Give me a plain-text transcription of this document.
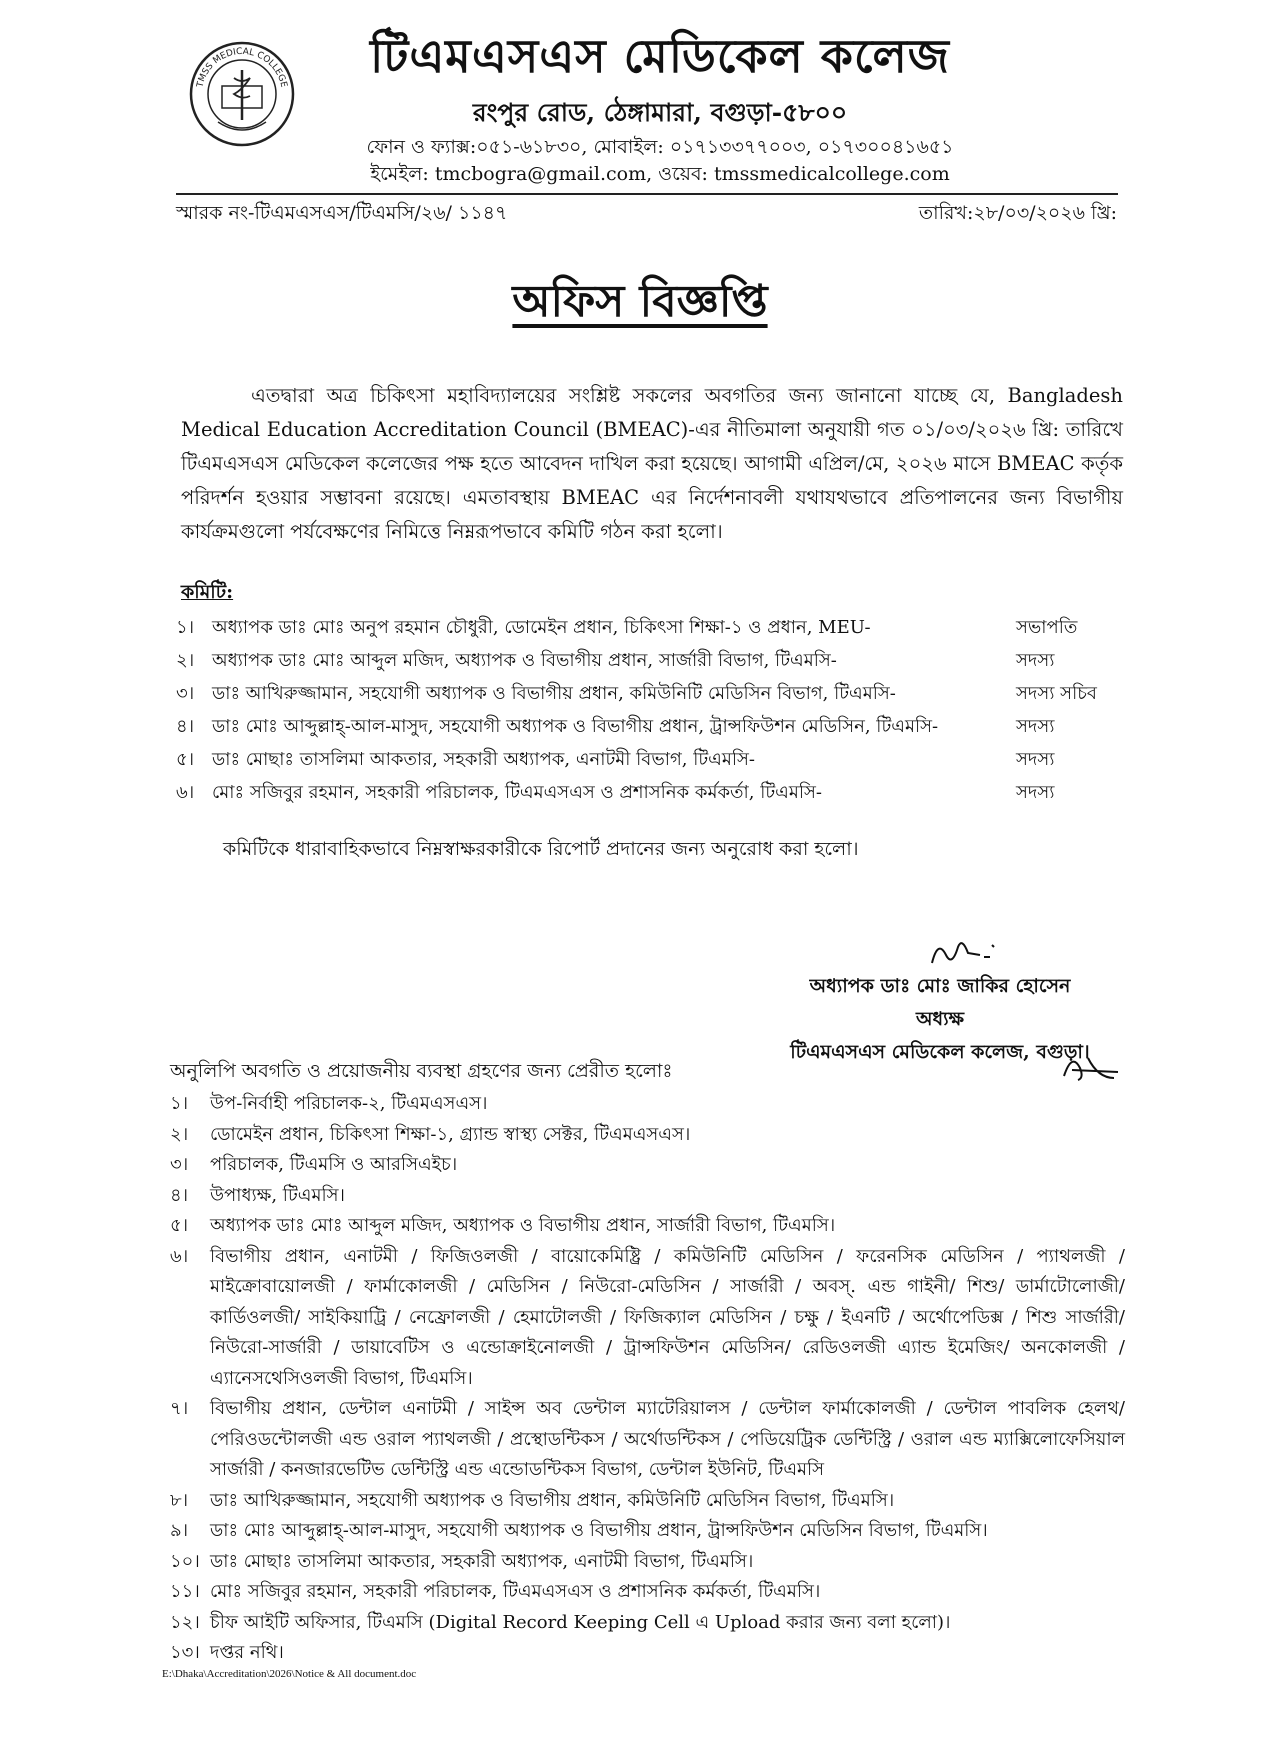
TMSS MEDICAL COLLEGE
টিএমএসএস মেডিকেল কলেজ
রংপুর রোড, ঠেঙ্গামারা, বগুড়া-৫৮০০
ফোন ও ফ্যাক্স:০৫১-৬১৮৩০, মোবাইল: ০১৭১৩৩৭৭০০৩, ০১৭৩০০৪১৬৫১
ইমেইল: tmcbogra@gmail.com, ওয়েব: tmssmedicalcollege.com
স্মারক নং-টিএমএসএস/টিএমসি/২৬/ ১১৪৭	তারিখ:২৮/০৩/২০২৬ খ্রি:
অফিস বিজ্ঞপ্তি
এতদ্বারা অত্র চিকিৎসা মহাবিদ্যালয়ের সংশ্লিষ্ট সকলের অবগতির জন্য জানানো যাচ্ছে যে, Bangladesh Medical Education Accreditation Council (BMEAC)-এর নীতিমালা অনুযায়ী গত ০১/০৩/২০২৬ খ্রি: তারিখে টিএমএসএস মেডিকেল কলেজের পক্ষ হতে আবেদন দাখিল করা হয়েছে। আগামী এপ্রিল/মে, ২০২৬ মাসে BMEAC কর্তৃক পরিদর্শন হওয়ার সম্ভাবনা রয়েছে। এমতাবস্থায় BMEAC এর নির্দেশনাবলী যথাযথভাবে প্রতিপালনের জন্য বিভাগীয় কার্যক্রমগুলো পর্যবেক্ষণের নিমিত্তে নিম্নরূপভাবে কমিটি গঠন করা হলো।
কমিটি:
১। অধ্যাপক ডাঃ মোঃ অনুপ রহমান চৌধুরী, ডোমেইন প্রধান, চিকিৎসা শিক্ষা-১ ও প্রধান, MEU-	সভাপতি
২। অধ্যাপক ডাঃ মোঃ আব্দুল মজিদ, অধ্যাপক ও বিভাগীয় প্রধান, সার্জারী বিভাগ, টিএমসি-	সদস্য
৩। ডাঃ আখিরুজ্জামান, সহযোগী অধ্যাপক ও বিভাগীয় প্রধান, কমিউনিটি মেডিসিন বিভাগ, টিএমসি-	সদস্য সচিব
৪। ডাঃ মোঃ আব্দুল্লাহ্-আল-মাসুদ, সহযোগী অধ্যাপক ও বিভাগীয় প্রধান, ট্রান্সফিউশন মেডিসিন, টিএমসি-	সদস্য
৫। ডাঃ মোছাঃ তাসলিমা আকতার, সহকারী অধ্যাপক, এনাটমী বিভাগ, টিএমসি-	সদস্য
৬। মোঃ সজিবুর রহমান, সহকারী পরিচালক, টিএমএসএস ও প্রশাসনিক কর্মকর্তা, টিএমসি-	সদস্য
কমিটিকে ধারাবাহিকভাবে নিম্নস্বাক্ষরকারীকে রিপোর্ট প্রদানের জন্য অনুরোধ করা হলো।
অধ্যাপক ডাঃ মোঃ জাকির হোসেন
অধ্যক্ষ
টিএমএসএস মেডিকেল কলেজ, বগুড়া।
অনুলিপি অবগতি ও প্রয়োজনীয় ব্যবস্থা গ্রহণের জন্য প্রেরীত হলোঃ
১।	উপ-নির্বাহী পরিচালক-২, টিএমএসএস।
২।	ডোমেইন প্রধান, চিকিৎসা শিক্ষা-১, গ্র্যান্ড স্বাস্থ্য সেক্টর, টিএমএসএস।
৩।	পরিচালক, টিএমসি ও আরসিএইচ।
৪।	উপাধ্যক্ষ, টিএমসি।
৫।	অধ্যাপক ডাঃ মোঃ আব্দুল মজিদ, অধ্যাপক ও বিভাগীয় প্রধান, সার্জারী বিভাগ, টিএমসি।
৬।	বিভাগীয় প্রধান, এনাটমী / ফিজিওলজী / বায়োকেমিষ্ট্রি / কমিউনিটি মেডিসিন / ফরেনসিক মেডিসিন / প্যাথলজী / মাইক্রোবায়োলজী / ফার্মাকোলজী / মেডিসিন / নিউরো-মেডিসিন / সার্জারী / অবস্. এন্ড গাইনী/ শিশু/ ডার্মাটোলোজী/ কার্ডিওলজী/ সাইকিয়াট্রি / নেফ্রোলজী / হেমাটোলজী / ফিজিক্যাল মেডিসিন / চক্ষু / ইএনটি / অর্থোপেডিক্স / শিশু সার্জারী/ নিউরো-সার্জারী / ডায়াবেটিস ও এন্ডোক্রাইনোলজী / ট্রান্সফিউশন মেডিসিন/ রেডিওলজী এ্যান্ড ইমেজিং/ অনকোলজী / এ্যানেসথেসিওলজী বিভাগ, টিএমসি।
৭।	বিভাগীয় প্রধান, ডেন্টাল এনাটমী / সাইন্স অব ডেন্টাল ম্যাটেরিয়ালস / ডেন্টাল ফার্মাকোলজী / ডেন্টাল পাবলিক হেলথ/ পেরিওডন্টোলজী এন্ড ওরাল প্যাথলজী / প্রস্থোডন্টিকস / অর্থোডন্টিকস / পেডিয়েট্রিক ডেন্টিস্ট্রি / ওরাল এন্ড ম্যাক্সিলোফেসিয়াল সার্জারী / কনজারভেটিভ ডেন্টিস্ট্রি এন্ড এন্ডোডন্টিকস বিভাগ, ডেন্টাল ইউনিট, টিএমসি
৮।	ডাঃ আখিরুজ্জামান, সহযোগী অধ্যাপক ও বিভাগীয় প্রধান, কমিউনিটি মেডিসিন বিভাগ, টিএমসি।
৯।	ডাঃ মোঃ আব্দুল্লাহ্-আল-মাসুদ, সহযোগী অধ্যাপক ও বিভাগীয় প্রধান, ট্রান্সফিউশন মেডিসিন বিভাগ, টিএমসি।
১০। ডাঃ মোছাঃ তাসলিমা আকতার, সহকারী অধ্যাপক, এনাটমী বিভাগ, টিএমসি।
১১। মোঃ সজিবুর রহমান, সহকারী পরিচালক, টিএমএসএস ও প্রশাসনিক কর্মকর্তা, টিএমসি।
১২। চীফ আইটি অফিসার, টিএমসি (Digital Record Keeping Cell এ Upload করার জন্য বলা হলো)।
১৩। দপ্তর নথি।
E:\Dhaka\Accreditation\2026\Notice & All document.doc
